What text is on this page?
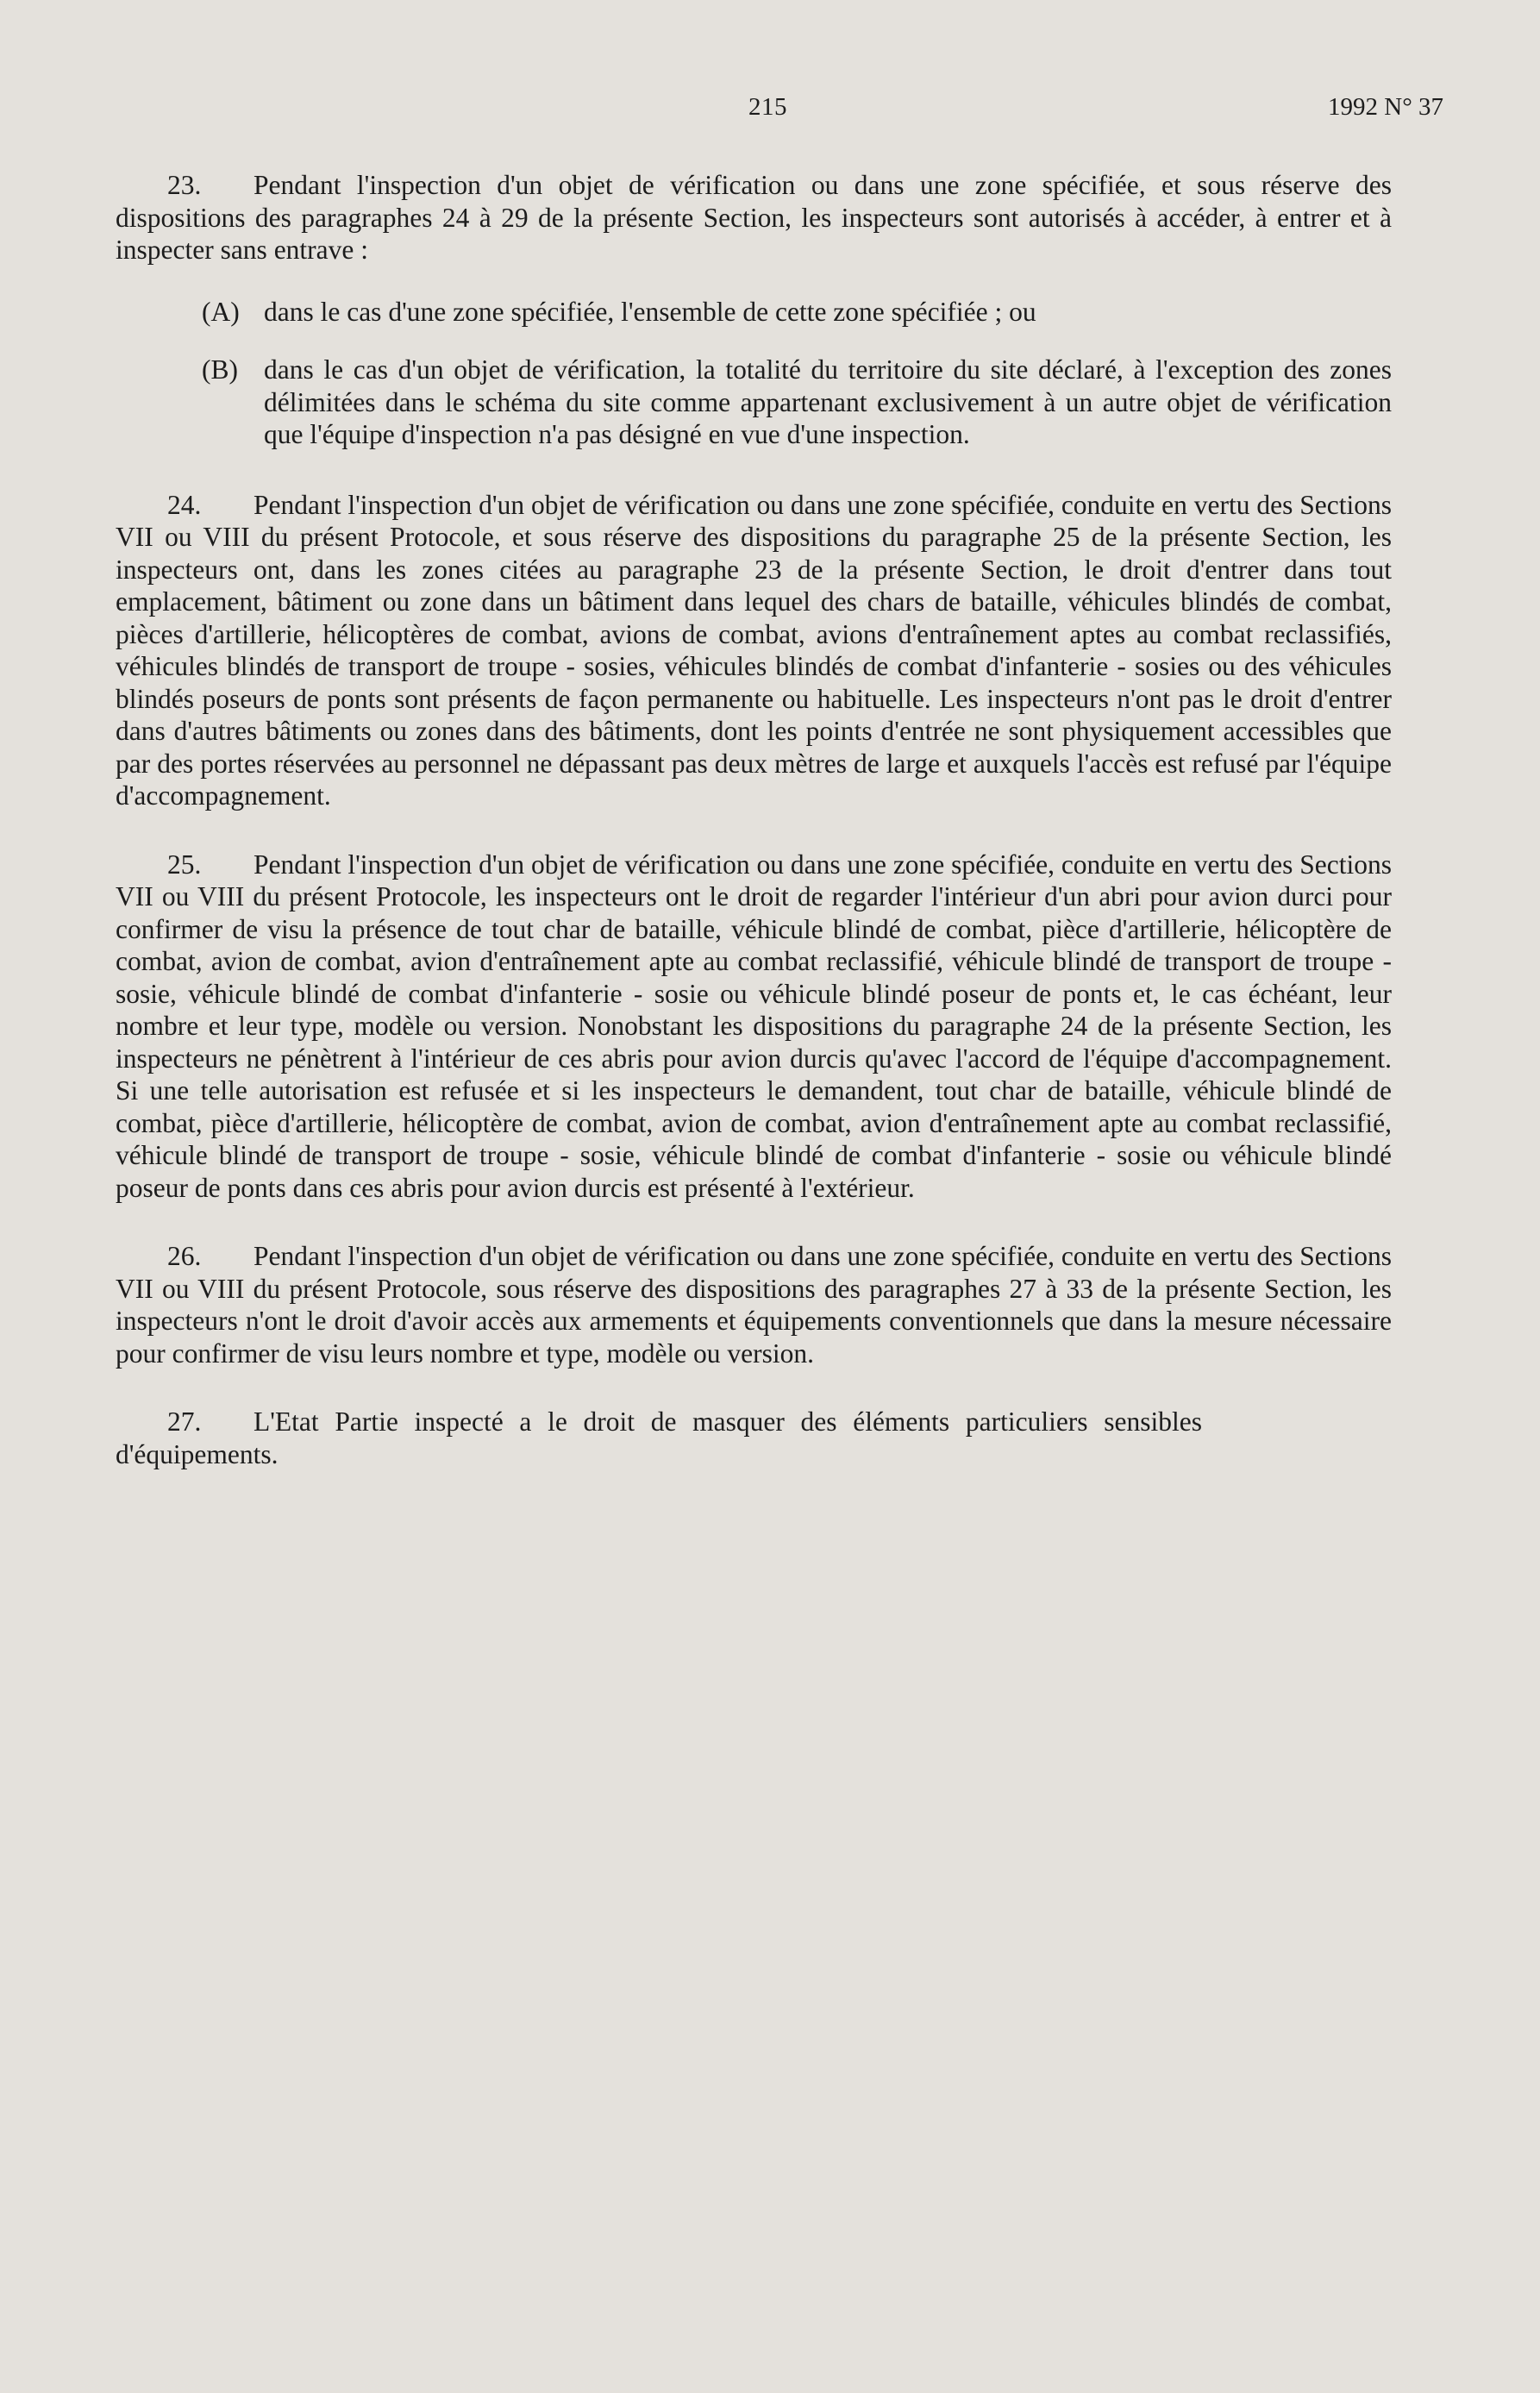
215	1992 N° 37

23. Pendant l'inspection d'un objet de vérification ou dans une zone spécifiée, et sous réserve des dispositions des paragraphes 24 à 29 de la présente Section, les inspecteurs sont autorisés à accéder, à entrer et à inspecter sans entrave :

(A) dans le cas d'une zone spécifiée, l'ensemble de cette zone spécifiée ; ou
(B) dans le cas d'un objet de vérification, la totalité du territoire du site déclaré, à l'exception des zones délimitées dans le schéma du site comme appartenant exclusivement à un autre objet de vérification que l'équipe d'inspection n'a pas désigné en vue d'une inspection.

24. Pendant l'inspection d'un objet de vérification ou dans une zone spécifiée, conduite en vertu des Sections VII ou VIII du présent Protocole, et sous réserve des dispositions du paragraphe 25 de la présente Section, les inspecteurs ont, dans les zones citées au paragraphe 23 de la présente Section, le droit d'entrer dans tout emplacement, bâtiment ou zone dans un bâtiment dans lequel des chars de bataille, véhicules blindés de combat, pièces d'artillerie, hélicoptères de combat, avions de combat, avions d'entraînement aptes au combat reclassifiés, véhicules blindés de transport de troupe - sosies, véhicules blindés de combat d'infanterie - sosies ou des véhicules blindés poseurs de ponts sont présents de façon permanente ou habituelle. Les inspecteurs n'ont pas le droit d'entrer dans d'autres bâtiments ou zones dans des bâtiments, dont les points d'entrée ne sont physiquement accessibles que par des portes réservées au personnel ne dépassant pas deux mètres de large et auxquels l'accès est refusé par l'équipe d'accompagnement.

25. Pendant l'inspection d'un objet de vérification ou dans une zone spécifiée, conduite en vertu des Sections VII ou VIII du présent Protocole, les inspecteurs ont le droit de regarder l'intérieur d'un abri pour avion durci pour confirmer de visu la présence de tout char de bataille, véhicule blindé de combat, pièce d'artillerie, hélicoptère de combat, avion de combat, avion d'entraînement apte au combat reclassifié, véhicule blindé de transport de troupe - sosie, véhicule blindé de combat d'infanterie - sosie ou véhicule blindé poseur de ponts et, le cas échéant, leur nombre et leur type, modèle ou version. Nonobstant les dispositions du paragraphe 24 de la présente Section, les inspecteurs ne pénètrent à l'intérieur de ces abris pour avion durcis qu'avec l'accord de l'équipe d'accompagnement. Si une telle autorisation est refusée et si les inspecteurs le demandent, tout char de bataille, véhicule blindé de combat, pièce d'artillerie, hélicoptère de combat, avion de combat, avion d'entraînement apte au combat reclassifié, véhicule blindé de transport de troupe - sosie, véhicule blindé de combat d'infanterie - sosie ou véhicule blindé poseur de ponts dans ces abris pour avion durcis est présenté à l'extérieur.

26. Pendant l'inspection d'un objet de vérification ou dans une zone spécifiée, conduite en vertu des Sections VII ou VIII du présent Protocole, sous réserve des dispositions des paragraphes 27 à 33 de la présente Section, les inspecteurs n'ont le droit d'avoir accès aux armements et équipements conventionnels que dans la mesure nécessaire pour confirmer de visu leurs nombre et type, modèle ou version.

27. L'Etat Partie inspecté a le droit de masquer des éléments particuliers sensibles d'équipements.
